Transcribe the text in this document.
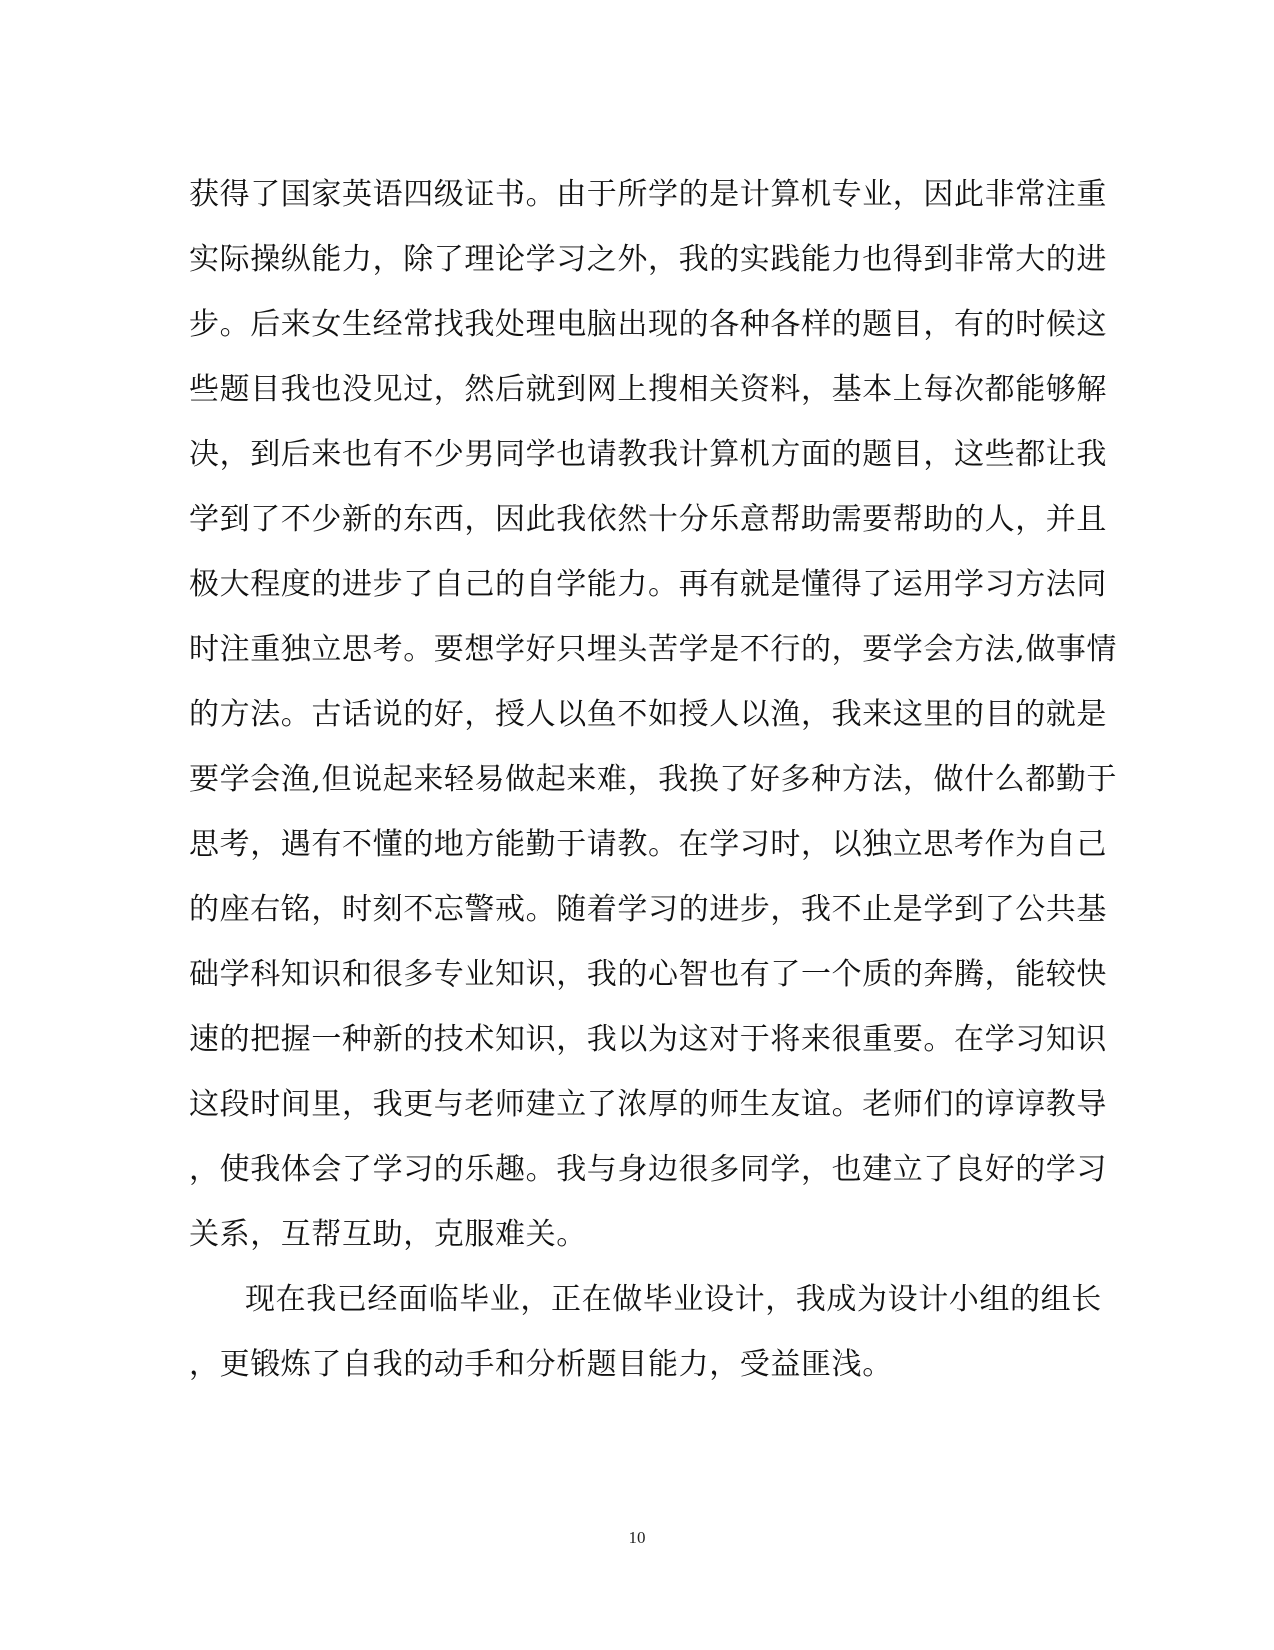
获得了国家英语四级证书。由于所学的是计算机专业，因此非常注重
实际操纵能力，除了理论学习之外，我的实践能力也得到非常大的进
步。后来女生经常找我处理电脑出现的各种各样的题目，有的时候这
些题目我也没见过，然后就到网上搜相关资料，基本上每次都能够解
决，到后来也有不少男同学也请教我计算机方面的题目，这些都让我
学到了不少新的东西，因此我依然十分乐意帮助需要帮助的人，并且
极大程度的进步了自己的自学能力。再有就是懂得了运用学习方法同
时注重独立思考。要想学好只埋头苦学是不行的，要学会方法,做事情
的方法。古话说的好，授人以鱼不如授人以渔，我来这里的目的就是
要学会渔,但说起来轻易做起来难，我换了好多种方法，做什么都勤于
思考，遇有不懂的地方能勤于请教。在学习时，以独立思考作为自己
的座右铭，时刻不忘警戒。随着学习的进步，我不止是学到了公共基
础学科知识和很多专业知识，我的心智也有了一个质的奔腾，能较快
速的把握一种新的技术知识，我以为这对于将来很重要。在学习知识
这段时间里，我更与老师建立了浓厚的师生友谊。老师们的谆谆教导
，使我体会了学习的乐趣。我与身边很多同学，也建立了良好的学习
关系，互帮互助，克服难关。
现在我已经面临毕业，正在做毕业设计，我成为设计小组的组长
，更锻炼了自我的动手和分析题目能力，受益匪浅。
10
